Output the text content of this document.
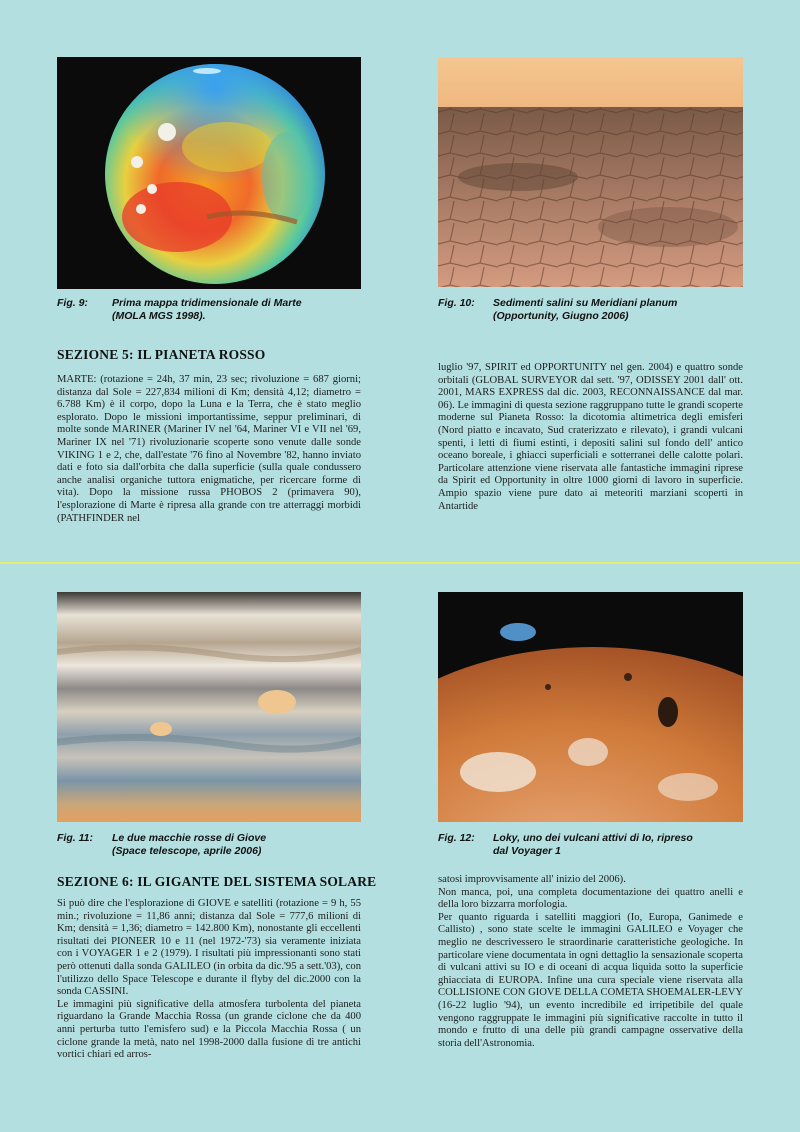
Fig. 9: Prima mappa tridimensionale di Marte
(MOLA MGS 1998).
Fig. 10: Sedimenti salini su Meridiani planum
(Opportunity, Giugno 2006)
SEZIONE 5: IL PIANETA ROSSO

MARTE: (rotazione = 24h, 37 min, 23 sec; rivoluzione = 687 giorni; distanza dal Sole = 227,834 milioni di Km; densità 4,12; diametro = 6.788 Km) è il corpo, dopo la Luna e la Terra, che è stato meglio esplorato. Dopo le missioni importantissime, seppur preliminari, di molte sonde MARINER (Mariner IV nel '64, Mariner VI e VII nel '69, Mariner IX nel '71) rivoluzionarie scoperte sono venute dalle sonde VIKING 1 e 2, che, dall'estate '76 fino al Novembre '82, hanno inviato dati e foto sia dall'orbita che dalla superficie (sulla quale condussero anche analisi organiche tuttora enigmatiche, per ricercare forme di vita). Dopo la missione russa PHOBOS 2 (primavera 90), l'esplorazione di Marte è ripresa alla grande con tre atterraggi morbidi (PATHFINDER nel

luglio '97, SPIRIT ed OPPORTUNITY nel gen. 2004) e quattro sonde orbitali (GLOBAL SURVEYOR dal sett. '97, ODISSEY 2001 dall' ott. 2001, MARS EXPRESS dal dic. 2003, RECONNAISSANCE dal mar. 06). Le immagini di questa sezione raggruppano tutte le grandi scoperte moderne sul Pianeta Rosso: la dicotomia altimetrica degli emisferi (Nord piatto e incavato, Sud craterizzato e rilevato), i grandi vulcani spenti, i letti di fiumi estinti, i depositi salini sul fondo dell' antico oceano boreale, i ghiacci superficiali e sotterranei delle calotte polari. Particolare attenzione viene riservata alle fantastiche immagini riprese da Spirit ed Opportunity in oltre 1000 giorni di lavoro in superficie. Ampio spazio viene pure dato ai meteoriti marziani scoperti in Antartide

Fig. 11: Le due macchie rosse di Giove
(Space telescope, aprile 2006)
Fig. 12: Loky, uno dei vulcani attivi di Io, ripreso
dal Voyager 1
SEZIONE 6: IL GIGANTE DEL SISTEMA SOLARE

Si può dire che l'esplorazione di GIOVE e satelliti (rotazione = 9 h, 55 min.; rivoluzione = 11,86 anni; distanza dal Sole = 777,6 milioni di Km; densità = 1,36; diametro = 142.800 Km), nonostante gli eccellenti risultati dei PIONEER 10 e 11 (nel 1972-'73) sia veramente iniziata con i VOYAGER 1 e 2 (1979). I risultati più impressionanti sono stati però ottenuti dalla sonda GALILEO (in orbita da dic.'95 a sett.'03), con l'utilizzo dello Space Telescope e durante il flyby del dic.2000 con la sonda CASSINI.

Le immagini più significative della atmosfera turbolenta del pianeta riguardano la Grande Macchia Rossa (un grande ciclone che da 400 anni perturba tutto l'emisfero sud) e la Piccola Macchia Rossa ( un ciclone grande la metà, nato nel 1998-2000 dalla fusione di tre antichi vortici chiari ed arros-

satosi improvvisamente all' inizio del 2006).

Non manca, poi, una completa documentazione dei quattro anelli e della loro bizzarra morfologia.

Per quanto riguarda i satelliti maggiori (Io, Europa, Ganimede e Callisto) , sono state scelte le immagini GALILEO e Voyager che meglio ne descrivessero le straordinarie caratteristiche geologiche. In particolare viene documentata in ogni dettaglio la sensazionale scoperta di vulcani attivi su IO e di oceani di acqua liquida sotto la superficie ghiacciata di EUROPA. Infine una cura speciale viene riservata alla COLLISIONE CON GIOVE DELLA COMETA SHOEMALER-LEVY (16-22 luglio '94), un evento incredibile ed irripetibile del quale vengono raggruppate le immagini più significative raccolte in tutto il mondo e frutto di una delle più grandi campagne osservative della storia dell'Astronomia.
